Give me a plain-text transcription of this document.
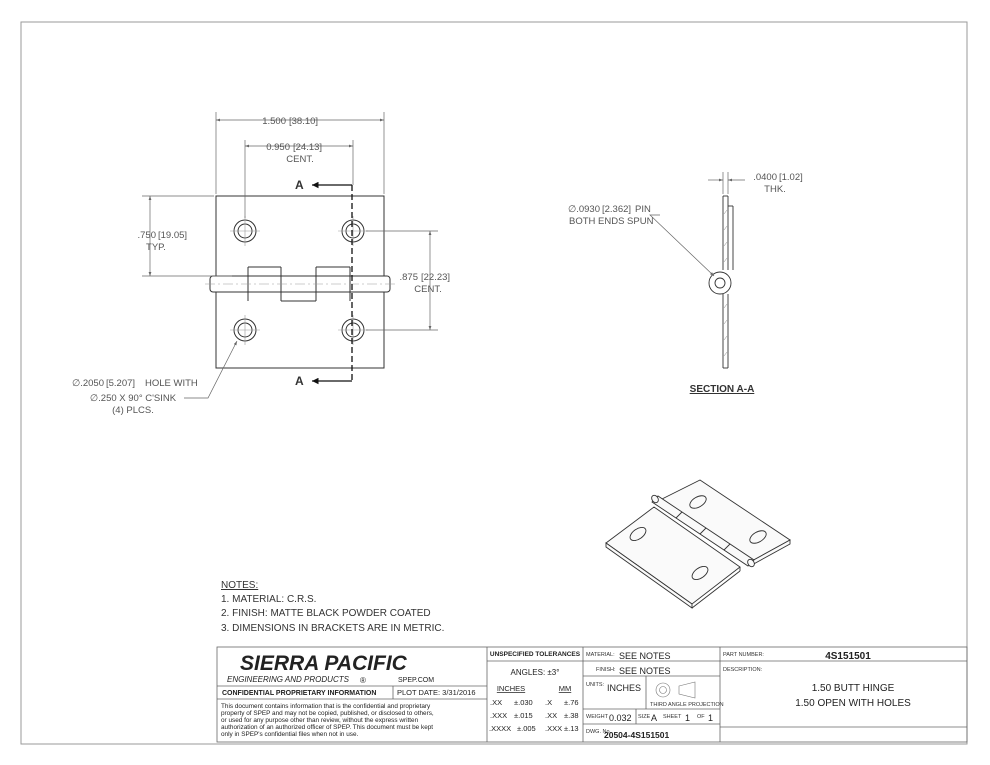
A
A
1.500 [38.10]
0.950 [24.13]
CENT.
.750 [19.05]
TYP.
.875 [22.23]
CENT.
∅.2050 [5.207] HOLE WITH
∅.250 X 90° C'SINK
(4) PLCS.
.0400 [1.02]
THK.
∅.0930 [2.362] PIN
BOTH ENDS SPUN
SECTION A-A
NOTES:
1. MATERIAL: C.R.S.
2. FINISH: MATTE BLACK POWDER COATED
3. DIMENSIONS IN BRACKETS ARE IN METRIC.
SIERRA PACIFIC
ENGINEERING AND PRODUCTS ®	SPEP.COM
CONFIDENTIAL PROPRIETARY INFORMATION	PLOT DATE: 3/31/2016
This document contains information that is the confidential and proprietary
property of SPEP and may not be copied, published, or disclosed to others,
or used for any purpose other than review, without the express written
authorization of an authorized officer of SPEP. This document must be kept
only in SPEP's confidential files when not in use.
UNSPECIFIED TOLERANCES
ANGLES: ±3°
INCHES	MM
.XX ±.030 .X ±.76
.XXX ±.015 .XX ±.38
.XXXX ±.005 .XXX ±.13
MATERIAL: SEE NOTES
FINISH: SEE NOTES
UNITS: INCHES
THIRD ANGLE PROJECTION
WEIGHT 0.032 SIZE A SHEET 1 OF 1
DWG. No.
20504-4S151501
PART NUMBER:	4S151501
DESCRIPTION:
1.50 BUTT HINGE
1.50 OPEN WITH HOLES
